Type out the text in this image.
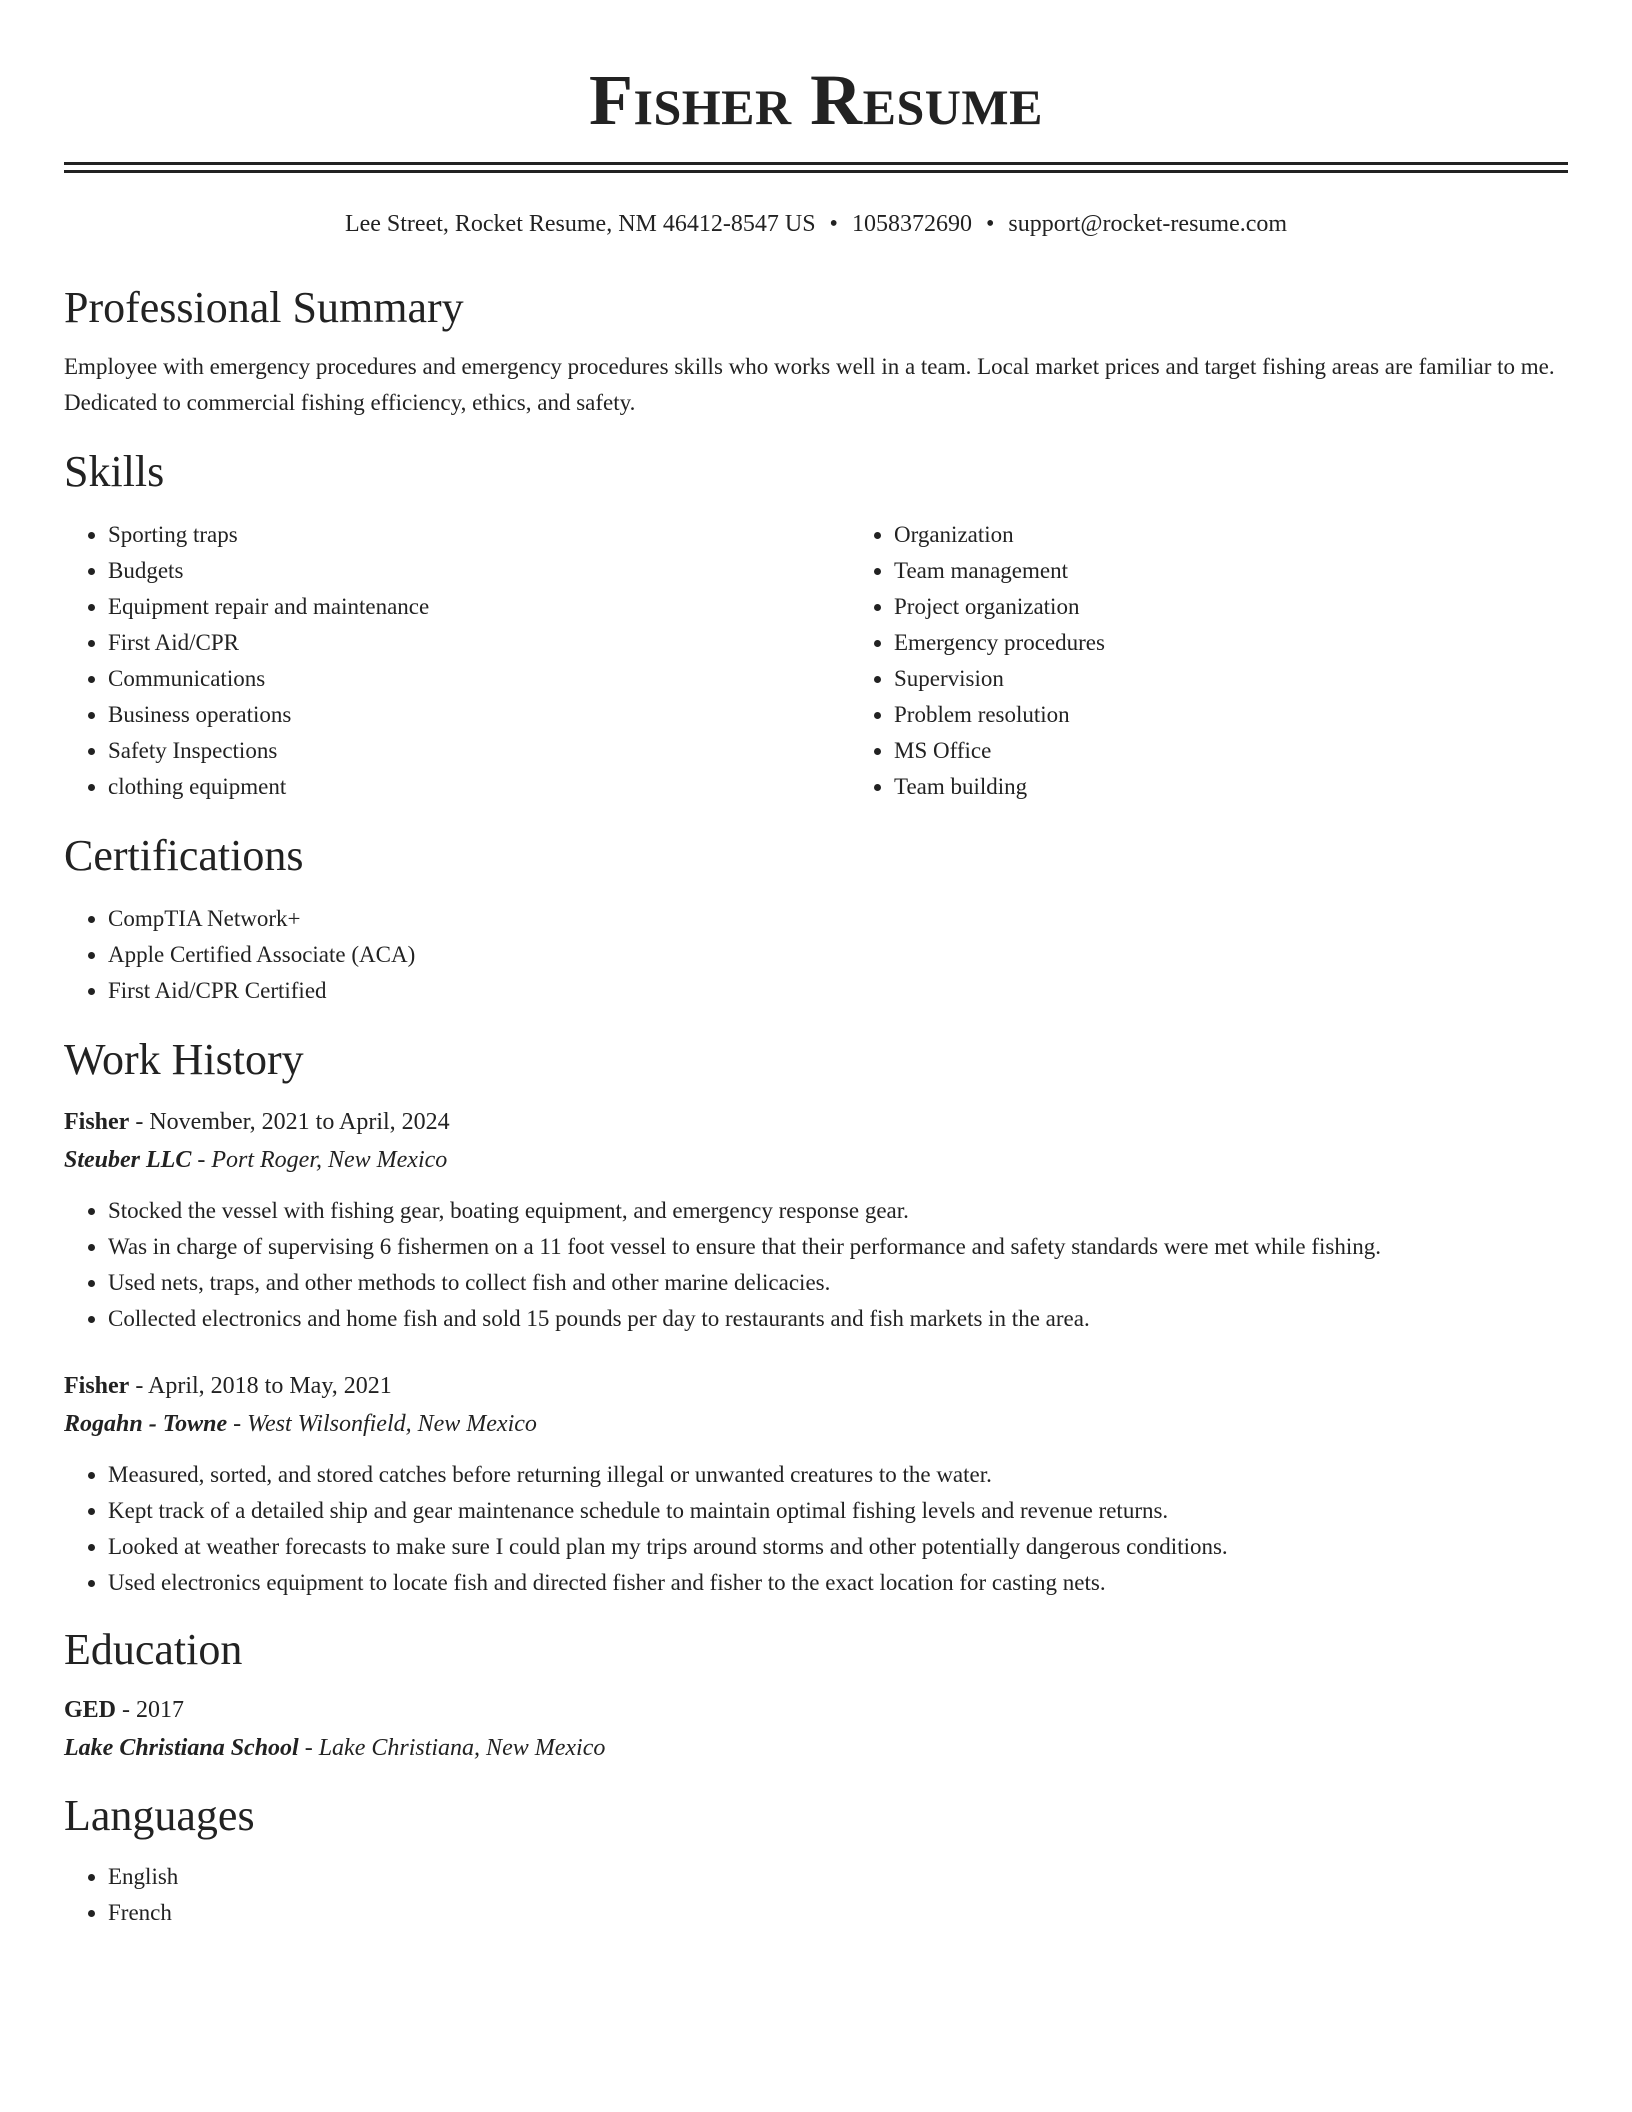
Fisher Resume
Lee Street, Rocket Resume, NM 46412-8547 US • 1058372690 • support@rocket-resume.com
Professional Summary
Employee with emergency procedures and emergency procedures skills who works well in a team. Local market prices and target fishing areas are familiar to me. Dedicated to commercial fishing efficiency, ethics, and safety.
Skills
• Sporting traps
• Budgets
• Equipment repair and maintenance
• First Aid/CPR
• Communications
• Business operations
• Safety Inspections
• clothing equipment
• Organization
• Team management
• Project organization
• Emergency procedures
• Supervision
• Problem resolution
• MS Office
• Team building
Certifications
• CompTIA Network+
• Apple Certified Associate (ACA)
• First Aid/CPR Certified
Work History
Fisher - November, 2021 to April, 2024
Steuber LLC - Port Roger, New Mexico
• Stocked the vessel with fishing gear, boating equipment, and emergency response gear.
• Was in charge of supervising 6 fishermen on a 11 foot vessel to ensure that their performance and safety standards were met while fishing.
• Used nets, traps, and other methods to collect fish and other marine delicacies.
• Collected electronics and home fish and sold 15 pounds per day to restaurants and fish markets in the area.
Fisher - April, 2018 to May, 2021
Rogahn - Towne - West Wilsonfield, New Mexico
• Measured, sorted, and stored catches before returning illegal or unwanted creatures to the water.
• Kept track of a detailed ship and gear maintenance schedule to maintain optimal fishing levels and revenue returns.
• Looked at weather forecasts to make sure I could plan my trips around storms and other potentially dangerous conditions.
• Used electronics equipment to locate fish and directed fisher and fisher to the exact location for casting nets.
Education
GED - 2017
Lake Christiana School - Lake Christiana, New Mexico
Languages
• English
• French
